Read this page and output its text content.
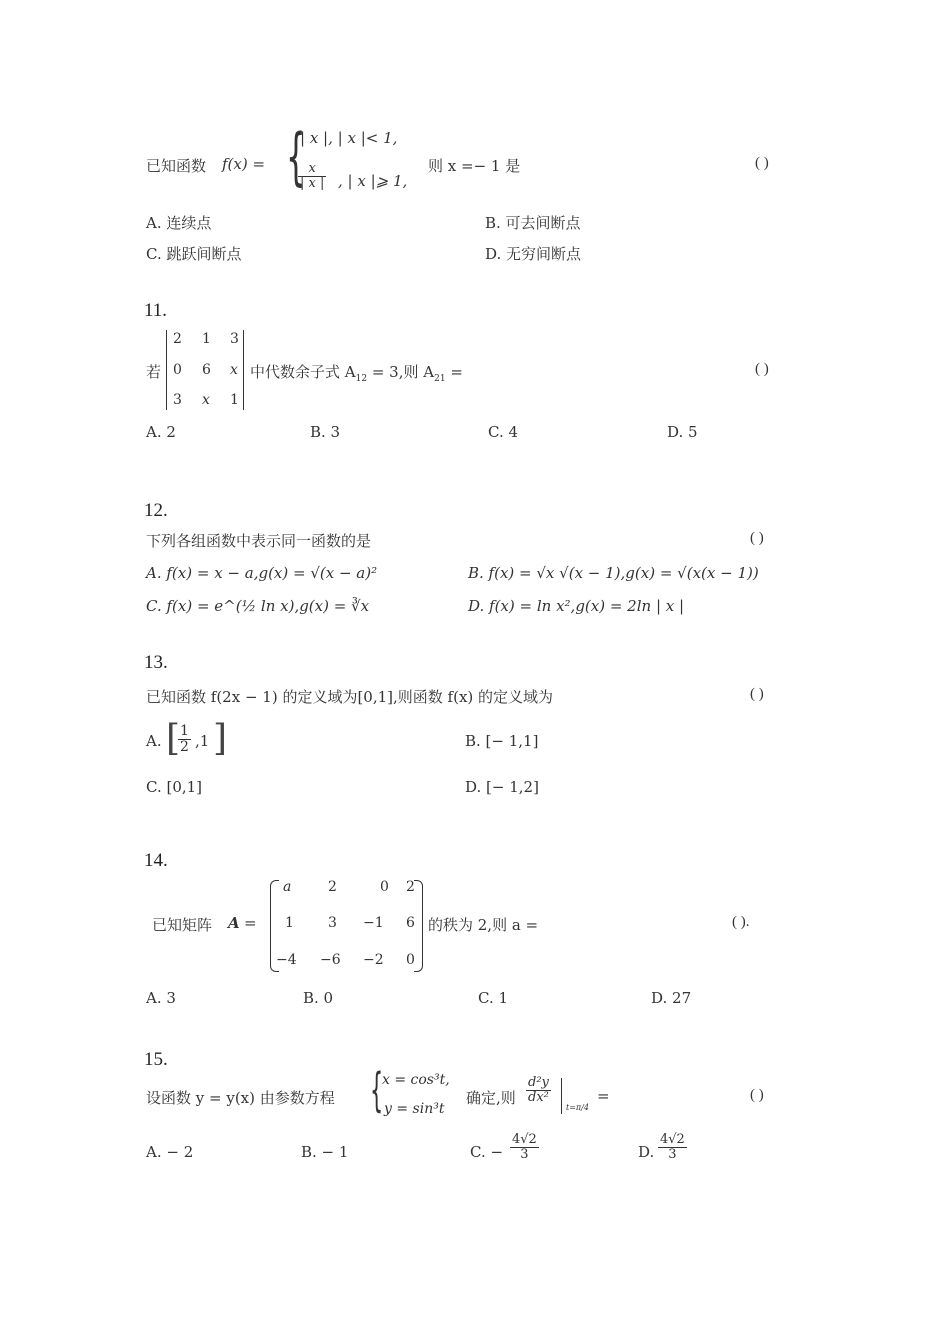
已知函数 f(x) = {
| x |, | x |< 1,
$\frac{x}{| x |}$ , | x |⩾ 1,
则 x =− 1 是	( )
A. 连续点	B. 可去间断点
C. 跳跃间断点	D. 无穷间断点
11.
若
2 1 3
0 6 x
3 x 1
中代数余子式 $A_{12} = 3$,则 $A_{21}$ =	( )
A. 2	B. 3	C. 4	D. 5
12.
下列各组函数中表示同一函数的是	( )
A. f(x) = x − a,g(x) = √(x − a)²	B. f(x) = √x √(x − 1),g(x) = √(x(x − 1))
C. f(x) = e^(½ ln x),g(x) = ∛x	D. f(x) = ln x²,g(x) = 2ln | x |
13.
已知函数 f(2x − 1) 的定义域为[0,1],则函数 f(x) 的定义域为	( )
A. [
$\frac{1}{2} ,1$ ]	B. [− 1,1]
C. [0,1]	D. [− 1,2]
14.
已知矩阵 A =
a	2	0 2
1 3 −1 6
−4 −6 −2 0
的秩为 2,则 a =	( ).
A. 3	B. 0	C. 1	D. 27
15.
设函数 y = y(x) 由参数方程 {
x = cos³t,
y = sin³t
确定,则 $\frac{\text{d²y}}{\text{dx²}}$
t=π/4
=	( )
A. − 2	B. − 1	C. − $\frac{4√2}{3}$	D. $\frac{4√2}{3}$
